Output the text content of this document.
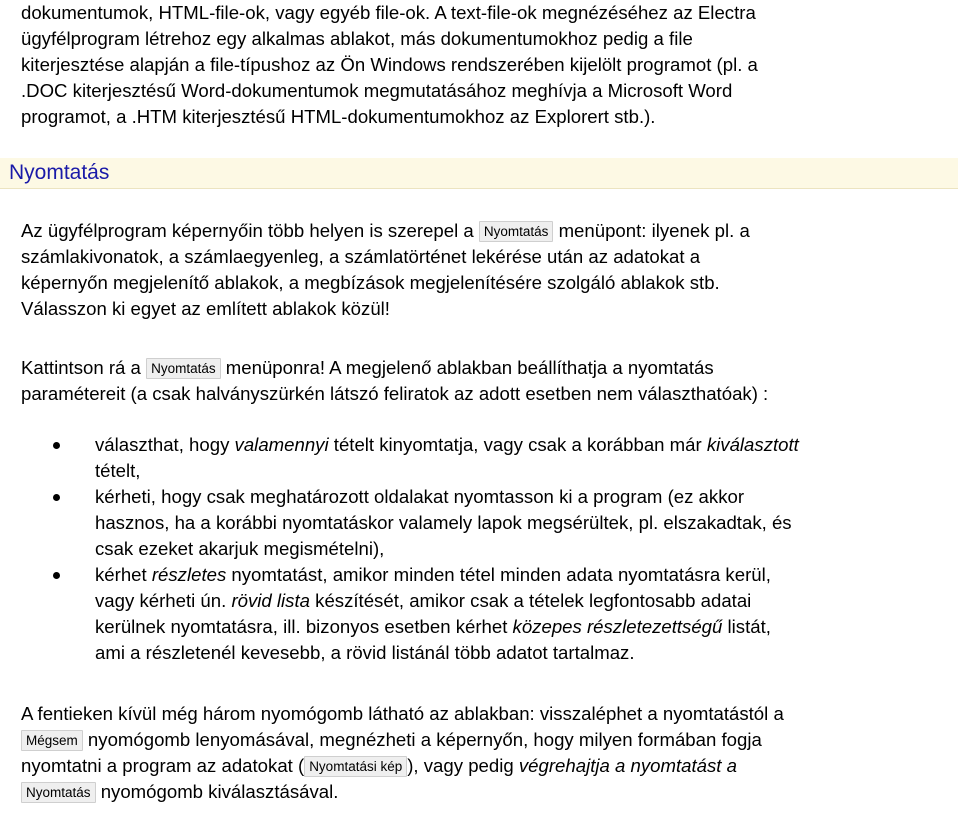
dokumentumok, HTML-file-ok, vagy egyéb file-ok. A text-file-ok megnézéséhez az Electra
ügyfélprogram létrehoz egy alkalmas ablakot, más dokumentumokhoz pedig a file
kiterjesztése alapján a file-típushoz az Ön Windows rendszerében kijelölt programot (pl. a
.DOC kiterjesztésű Word-dokumentumok megmutatásához meghívja a Microsoft Word
programot, a .HTM kiterjesztésű HTML-dokumentumokhoz az Explorert stb.).
Nyomtatás
Az ügyfélprogram képernyőin több helyen is szerepel a Nyomtatás menüpont: ilyenek pl. a
számlakivonatok, a számlaegyenleg, a számlatörténet lekérése után az adatokat a
képernyőn megjelenítő ablakok, a megbízások megjelenítésére szolgáló ablakok stb.
Válasszon ki egyet az említett ablakok közül!
Kattintson rá a Nyomtatás menüponra! A megjelenő ablakban beállíthatja a nyomtatás
paramétereit (a csak halványszürkén látszó feliratok az adott esetben nem választhatóak) :
választhat, hogy valamennyi tételt kinyomtatja, vagy csak a korábban már kiválasztott
tételt,
kérheti, hogy csak meghatározott oldalakat nyomtasson ki a program (ez akkor
hasznos, ha a korábbi nyomtatáskor valamely lapok megsérültek, pl. elszakadtak, és
csak ezeket akarjuk megismételni),
kérhet részletes nyomtatást, amikor minden tétel minden adata nyomtatásra kerül,
vagy kérheti ún. rövid lista készítését, amikor csak a tételek legfontosabb adatai
kerülnek nyomtatásra, ill. bizonyos esetben kérhet közepes részletezettségű listát,
ami a részletenél kevesebb, a rövid listánál több adatot tartalmaz.
A fentieken kívül még három nyomógomb látható az ablakban: visszaléphet a nyomtatástól a
Mégsem nyomógomb lenyomásával, megnézheti a képernyőn, hogy milyen formában fogja
nyomtatni a program az adatokat ( Nyomtatási kép ), vagy pedig végrehajtja a nyomtatást a
Nyomtatás nyomógomb kiválasztásával.
